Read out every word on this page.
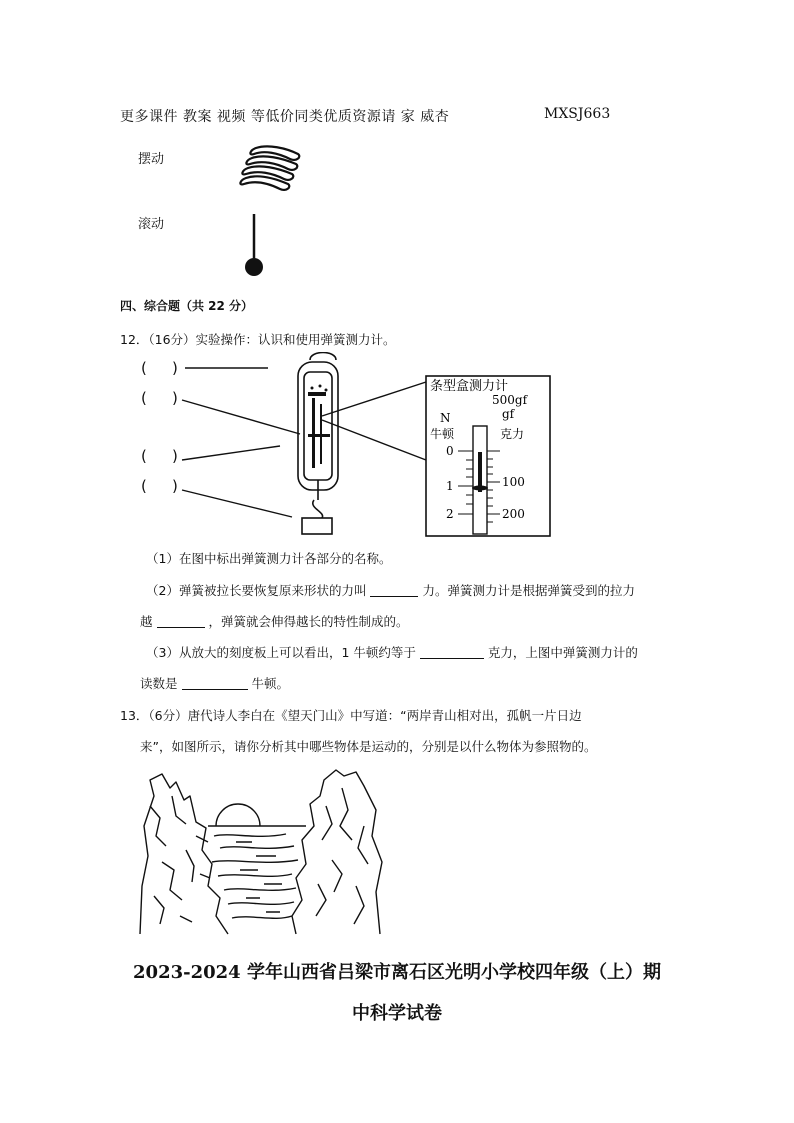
更多课件 教案 视频 等低价同类优质资源请 家 威杏	MXSJ663
摆动
滚动
四、综合题（共 22 分）
12．（16分）实验操作：认识和使用弹簧测力计。
( )
( )
( )
( )
条型盒测力计
500gf
N	gf
牛顿	克力
0
1
2
100
200
（1）在图中标出弹簧测力计各部分的名称。
（2）弹簧被拉长要恢复原来形状的力叫	力。弹簧测力计是根据弹簧受到的拉力
越	，弹簧就会伸得越长的特性制成的。
（3）从放大的刻度板上可以看出，1 牛顿约等于	克力，上图中弹簧测力计的
读数是	牛顿。
13．（6分）唐代诗人李白在《望天门山》中写道：“两岸青山相对出，孤帆一片日边
来”，如图所示，请你分析其中哪些物体是运动的，分别是以什么物体为参照物的。
2023-2024 学年山西省吕梁市离石区光明小学校四年级（上）期
中科学试卷
